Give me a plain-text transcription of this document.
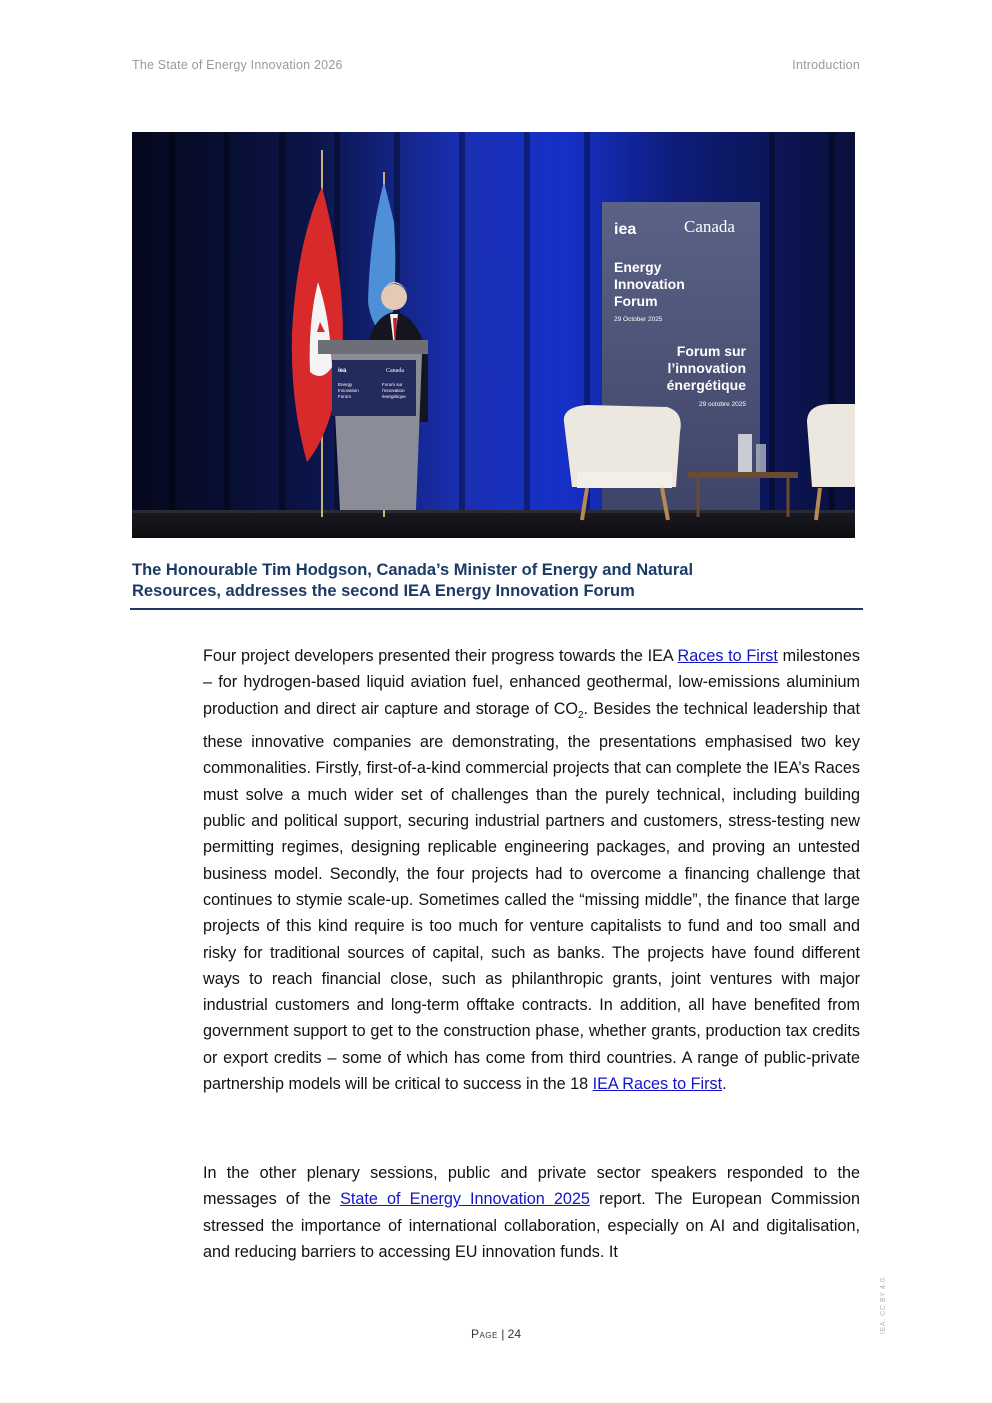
The State of Energy Innovation 2026	Introduction
iea	Canada
Energy
Innovation
Forum
Forum sur
l’innovation
énergétique
iea	Canada
Energy
Innovation
Forum
29 October 2025
Forum sur
l’innovation
énergétique
29 octobre 2025
The Honourable Tim Hodgson, Canada’s Minister of Energy and Natural
Resources, addresses the second IEA Energy Innovation Forum
Four project developers presented their progress towards the IEA Races to First milestones – for hydrogen-based liquid aviation fuel, enhanced geothermal, low-emissions aluminium production and direct air capture and storage of $CO_2$. Besides the technical leadership that these innovative companies are demonstrating, the presentations emphasised two key commonalities. Firstly, first-of-a-kind commercial projects that can complete the IEA’s Races must solve a much wider set of challenges than the purely technical, including building public and political support, securing industrial partners and customers, stress-testing new permitting regimes, designing replicable engineering packages, and proving an untested business model. Secondly, the four projects had to overcome a financing challenge that continues to stymie scale-up. Sometimes called the “missing middle”, the finance that large projects of this kind require is too much for venture capitalists to fund and too small and risky for traditional sources of capital, such as banks. The projects have found different ways to reach financial close, such as philanthropic grants, joint ventures with major industrial customers and long-term offtake contracts. In addition, all have benefited from government support to get to the construction phase, whether grants, production tax credits or export credits – some of which has come from third countries. A range of public-private partnership models will be critical to success in the 18 IEA Races to First.
In the other plenary sessions, public and private sector speakers responded to the messages of the State of Energy Innovation 2025 report. The European Commission stressed the importance of international collaboration, especially on AI and digitalisation, and reducing barriers to accessing EU innovation funds. It
Page | 24	IEA. CC BY 4.0.
